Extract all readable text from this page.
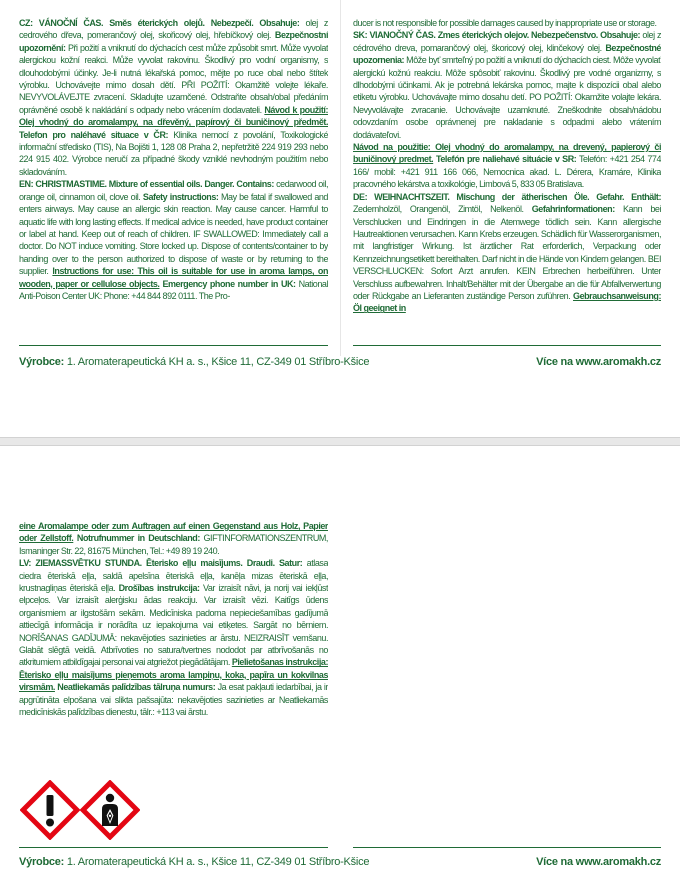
CZ: VÁNOČNÍ ČAS. Směs éterických olejů. Nebezpečí. Obsahuje: olej z cedrového dřeva, pomerančový olej, skořicový olej, hřebíčkový olej. Bezpečnostní upozornění: Při požití a vniknutí do dýchacích cest může způsobit smrt. Může vyvolat alergickou kožní reakci. Může vyvolat rakovinu. Škodlivý pro vodní organismy, s dlouhodobými účinky. Je-li nutná lékařská pomoc, mějte po ruce obal nebo štítek výrobku. Uchovávejte mimo dosah dětí. PŘI POŽITÍ: Okamžitě volejte lékaře. NEVYVOLÁVEJTE zvracení. Skladujte uzamčené. Odstraňte obsah/obal předáním oprávněné osobě k nakládání s odpady nebo vrácením dodavateli. Návod k použití: Olej vhodný do aromalampy, na dřevěný, papírový či buničinový předmět. Telefon pro naléhavé situace v ČR: Klinika nemocí z povolání, Toxikologické informační středisko (TIS), Na Bojišti 1, 128 08 Praha 2, nepřetržitě 224 919 293 nebo 224 915 402. Výrobce neručí za případné škody vzniklé nevhodným použitím nebo skladováním.

EN: CHRISTMASTIME. Mixture of essential oils. Danger. Contains: cedarwood oil, orange oil, cinnamon oil, clove oil. Safety instructions: May be fatal if swallowed and enters airways. May cause an allergic skin reaction. May cause cancer. Harmful to aquatic life with long lasting effects. If medical advice is needed, have product container or label at hand. Keep out of reach of children. IF SWALLOWED: Immediately call a doctor. Do NOT induce vomiting. Store locked up. Dispose of contents/container to by handing over to the person authorized to dispose of waste or by returning to the supplier. Instructions for use: This oil is suitable for use in aroma lamps, on wooden, paper or cellulose objects. Emergency phone number in UK: National Anti-Poison Center UK: Phone: +44 844 892 0111. The Pro-

ducer is not responsible for possible damages caused by inappropriate use or storage.

SK: VIANOČNÝ ČAS. Zmes éterických olejov. Nebezpečenstvo. Obsahuje: olej z cédrového dreva, pomarančový olej, škoricový olej, klinčekový olej. Bezpečnostné upozornenia: Môže byť smrteľný po požití a vniknutí do dýchacích ciest. Môže vyvolať alergickú kožnú reakciu. Môže spôsobiť rakovinu. Škodlivý pre vodné organizmy, s dlhodobými účinkami. Ak je potrebná lekárska pomoc, majte k dispozícii obal alebo etiketu výrobku. Uchovávajte mimo dosahu detí. PO POŽITÍ: Okamžite volajte lekára. Nevyvolávajte zvracanie. Uchovávajte uzamknuté. Zneškodnite obsah/nádobu odovzdaním osobe oprávnenej pre nakladanie s odpadmi alebo vrátením dodávateľovi.

Návod na použitie: Olej vhodný do aromalampy, na drevený, papierový či buničinový predmet. Telefón pre naliehavé situácie v SR: Telefón: +421 254 774 166/ mobil: +421 911 166 066, Nemocnica akad. L. Dérera, Kramáre, Klinika pracovného lekárstva a toxikológie, Limbová 5, 833 05 Bratislava.

DE: WEIHNACHTSZEIT. Mischung der ätherischen Öle. Gefahr. Enthält: Zedernholzöl, Orangenöl, Zimtöl, Nelkenöl. Gefahrinformationen: Kann bei Verschlucken und Eindringen in die Atemwege tödlich sein. Kann allergische Hautreaktionen verursachen. Kann Krebs erzeugen. Schädlich für Wasserorganismen, mit langfristiger Wirkung. Ist ärztlicher Rat erforderlich, Verpackung oder Kennzeichnungsetikett bereithalten. Darf nicht in die Hände von Kindern gelangen. BEI VERSCHLUCKEN: Sofort Arzt anrufen. KEIN Erbrechen herbeiführen. Unter Verschluss aufbewahren. Inhalt/Behälter mit der Übergabe an die für Abfallverwertung oder Rückgabe an Lieferanten zuständige Person zuführen. Gebrauchsanweisung: Öl geeignet in

Výrobce: 1. Aromaterapeutická KH a. s., Kšice 11, CZ-349 01 Stříbro-Kšice	Více na www.aromakh.cz

eine Aromalampe oder zum Auftragen auf einen Gegenstand aus Holz, Papier oder Zellstoff. Notrufnummer in Deutschland: GIFTINFORMATIONSZENTRUM, Ismaninger Str. 22, 81675 München, Tel.: +49 89 19 240.

LV: ZIEMASSVĒTKU STUNDA. Ēterisko eļļu maisījums. Draudi. Satur: atlasa ciedra ēteriskā eļļa, saldā apelsīna ēteriskā eļļa, kanēļa mizas ēteriskā eļļa, krustnagliņas ēteriskā eļļa. Drošības instrukcija: Var izraisīt nāvi, ja norij vai iekļūst elpceļos. Var izraisīt alerģisku ādas reakciju. Var izraisīt vēzi. Kaitīgs ūdens organismiem ar ilgstošām sekām. Medicīniska padoma nepieciešamības gadījumā attiecīgā informācija ir norādīta uz iepakojuma vai etiķetes. Sargāt no bērniem. NORĪŠANAS GADĪJUMĀ: nekavējoties sazinieties ar ārstu. NEIZRAISĪT vemšanu. Glabāt slēgtā veidā. Atbrīvoties no satura/tvertnes nododot par atbrīvošanās no atkritumiem atbildīgajai personai vai atgriežot piegādātājam. Pielietošanas instrukcija: Ēterisko eļļu maisījums pieņemots aroma lampiņu, koka, papīra un kokvilnas virsmām. Neatliekamās palīdzības tālruņa numurs: Ja esat pakļauti iedarbībai, ja ir apgrūtināta elpošana vai slikta pašsajūta: nekavējoties sazinieties ar Neatliekamās medicīniskās palīdzības dienestu, tālr.: +113 vai ārstu.

Výrobce: 1. Aromaterapeutická KH a. s., Kšice 11, CZ-349 01 Stříbro-Kšice	Více na www.aromakh.cz
